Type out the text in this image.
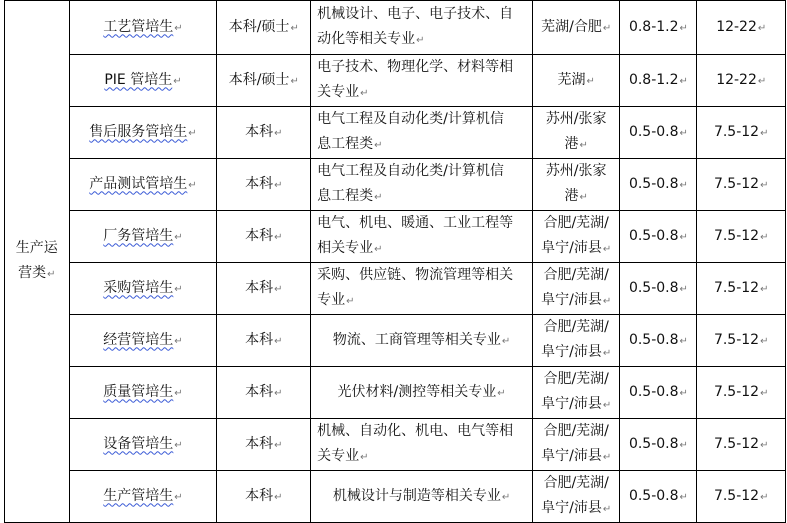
生产运
营类↵	工艺管培生↵	本科/硕士↵	机械设计、电子、电子技术、自
动化等相关专业↵	芜湖/合肥↵	0.8-1.2↵	12-22↵
	PIE 管培生↵	本科/硕士↵	电子技术、物理化学、材料等相
关专业↵	芜湖↵	0.8-1.2↵	12-22↵
	售后服务管培生↵	本科↵	电气工程及自动化类/计算机信
息工程类↵	苏州/张家
港↵	0.5-0.8↵	7.5-12↵
	产品测试管培生↵	本科↵	电气工程及自动化类/计算机信
息工程类↵	苏州/张家
港↵	0.5-0.8↵	7.5-12↵
	厂务管培生↵	本科↵	电气、机电、暖通、工业工程等
相关专业↵	合肥/芜湖/
阜宁/沛县↵	0.5-0.8↵	7.5-12↵
	采购管培生↵	本科↵	采购、供应链、物流管理等相关
专业↵	合肥/芜湖/
阜宁/沛县↵	0.5-0.8↵	7.5-12↵
	经营管培生↵	本科↵	物流、工商管理等相关专业↵	合肥/芜湖/
阜宁/沛县↵	0.5-0.8↵	7.5-12↵
	质量管培生↵	本科↵	光伏材料/测控等相关专业↵	合肥/芜湖/
阜宁/沛县↵	0.5-0.8↵	7.5-12↵
	设备管培生↵	本科↵	机械、自动化、机电、电气等相
关专业↵	合肥/芜湖/
阜宁/沛县↵	0.5-0.8↵	7.5-12↵
	生产管培生↵	本科↵	机械设计与制造等相关专业↵	合肥/芜湖/
阜宁/沛县↵	0.5-0.8↵	7.5-12↵
